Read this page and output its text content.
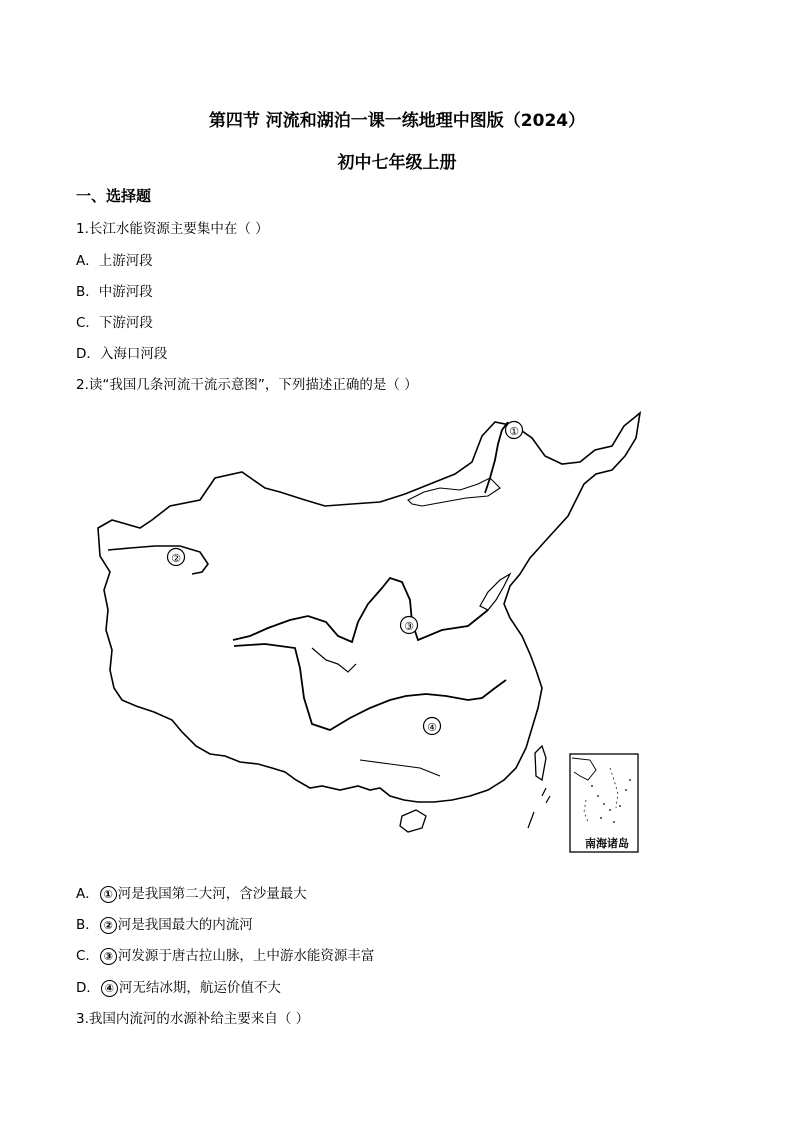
第四节 河流和湖泊一课一练地理中图版（2024）
初中七年级上册
一、选择题
1.长江水能资源主要集中在（ ）
A．上游河段
B．中游河段
C．下游河段
D．入海口河段
2.读“我国几条河流干流示意图”，下列描述正确的是（ ）
①
②
③
④
南海诸岛
A． ① 河是我国第二大河，含沙量最大
B． ② 河是我国最大的内流河
C． ③ 河发源于唐古拉山脉，上中游水能资源丰富
D． ④ 河无结冰期，航运价值不大
3.我国内流河的水源补给主要来自（ ）
